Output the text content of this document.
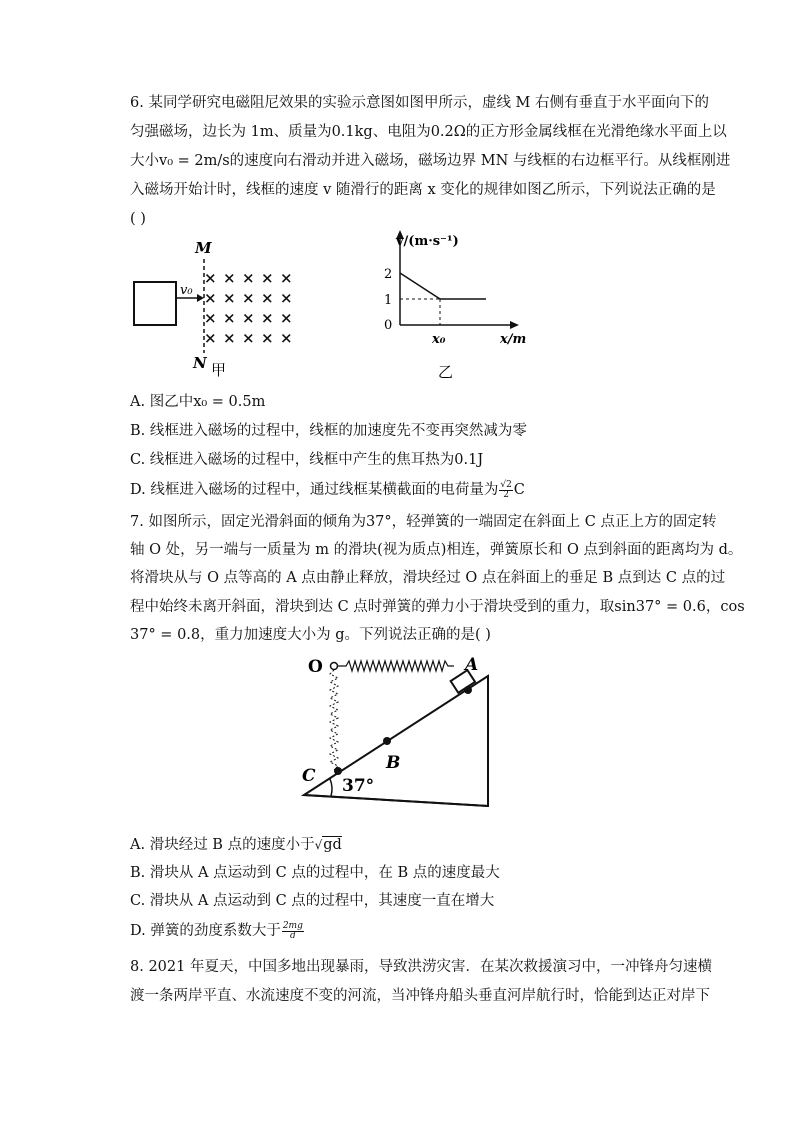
6. 某同学研究电磁阻尼效果的实验示意图如图甲所示，虚线 M 右侧有垂直于水平面向下的
匀强磁场，边长为 1m、质量为0.1kg、电阻为0.2Ω的正方形金属线框在光滑绝缘水平面上以
大小v₀ = 2m/s的速度向右滑动并进入磁场，磁场边界 MN 与线框的右边框平行。从线框刚进
入磁场开始计时，线框的速度 v 随滑行的距离 x 变化的规律如图乙所示，下列说法正确的是
( )
v₀
M
N 甲
× × × × ×
× × × × ×
× × × × ×
× × × × ×
v/(m·s⁻¹)
x/m
2
1
0
x₀
乙
A. 图乙中x₀ = 0.5m
B. 线框进入磁场的过程中，线框的加速度先不变再突然减为零
C. 线框进入磁场的过程中，线框中产生的焦耳热为0.1J
D. 线框进入磁场的过程中，通过线框某横截面的电荷量为 $\frac{√2}{2}$ C
7. 如图所示，固定光滑斜面的倾角为37°，轻弹簧的一端固定在斜面上 C 点正上方的固定转
轴 O 处，另一端与一质量为 m 的滑块(视为质点)相连，弹簧原长和 O 点到斜面的距离均为 d。
将滑块从与 O 点等高的 A 点由静止释放，滑块经过 O 点在斜面上的垂足 B 点到达 C 点的过
程中始终未离开斜面，滑块到达 C 点时弹簧的弹力小于滑块受到的重力，取sin37° = 0.6，cos
37° = 0.8，重力加速度大小为 g。下列说法正确的是( )
37°
O	A
B
C
A. 滑块经过 B 点的速度小于√gd
B. 滑块从 A 点运动到 C 点的过程中，在 B 点的速度最大
C. 滑块从 A 点运动到 C 点的过程中，其速度一直在增大
D. 弹簧的劲度系数大于 $\frac{2mg}{d}$
8. 2021 年夏天，中国多地出现暴雨，导致洪涝灾害．在某次救援演习中，一冲锋舟匀速横
渡一条两岸平直、水流速度不变的河流，当冲锋舟船头垂直河岸航行时，恰能到达正对岸下
